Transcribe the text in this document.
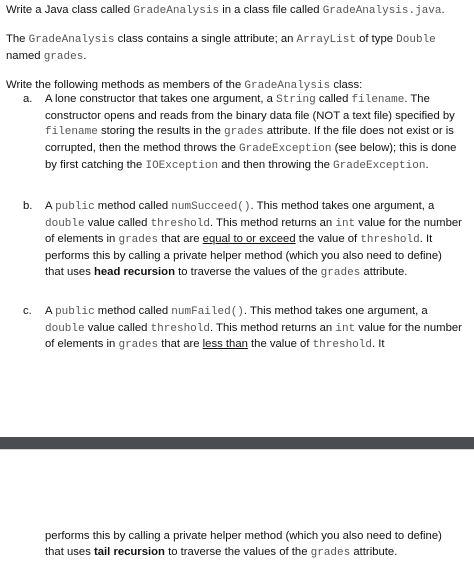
Write a Java class called GradeAnalysis in a class file called GradeAnalysis.java.
The GradeAnalysis class contains a single attribute; an ArrayList of type Double named grades.
Write the following methods as members of the GradeAnalysis class:
a. A lone constructor that takes one argument, a String called filename. The constructor opens and reads from the binary data file (NOT a text file) specified by filename storing the results in the grades attribute. If the file does not exist or is corrupted, then the method throws the GradeException (see below); this is done by first catching the IOException and then throwing the GradeException.
b. A public method called numSucceed(). This method takes one argument, a double value called threshold. This method returns an int value for the number of elements in grades that are equal to or exceed the value of threshold. It performs this by calling a private helper method (which you also need to define) that uses head recursion to traverse the values of the grades attribute.
c. A public method called numFailed(). This method takes one argument, a double value called threshold. This method returns an int value for the number of elements in grades that are less than the value of threshold. It
performs this by calling a private helper method (which you also need to define) that uses tail recursion to traverse the values of the grades attribute.
